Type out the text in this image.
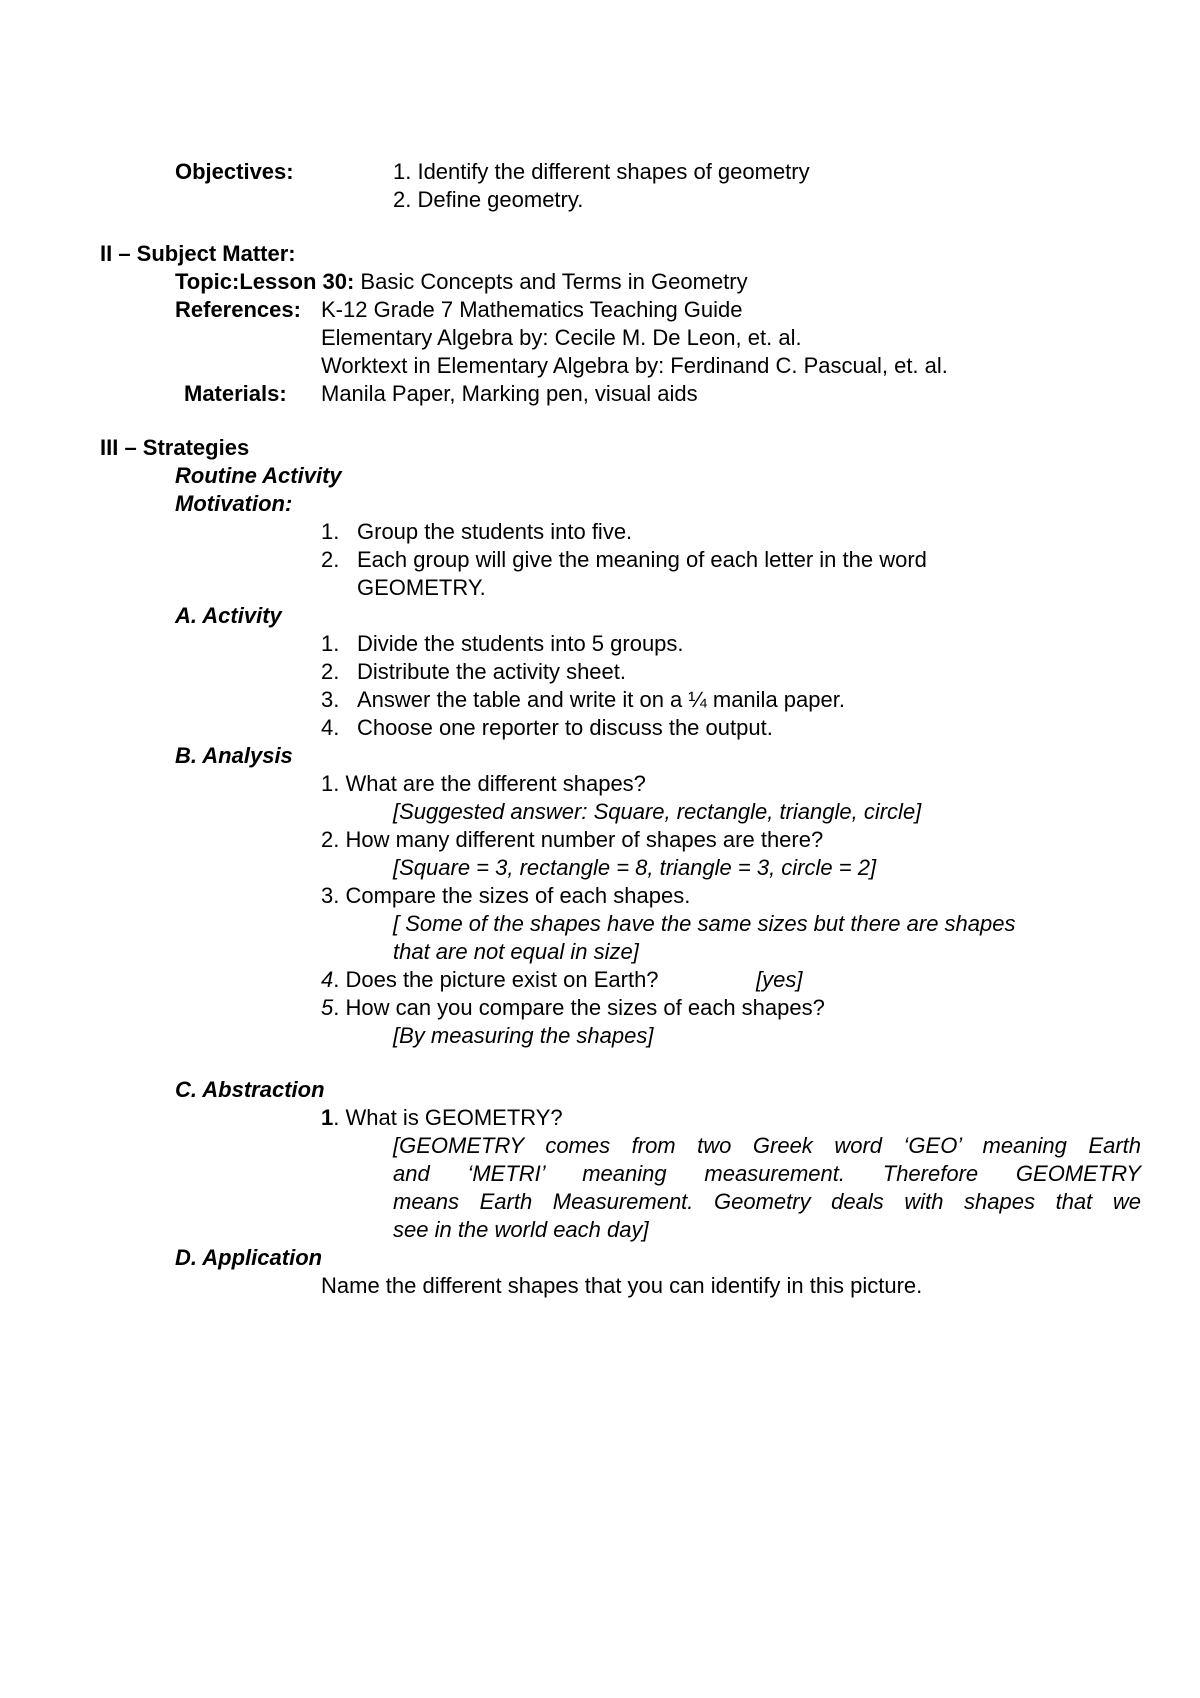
Objectives:	1. Identify the different shapes of geometry
2. Define geometry.
II – Subject Matter:
Topic:Lesson 30: Basic Concepts and Terms in Geometry
References: K-12 Grade 7 Mathematics Teaching Guide
Elementary Algebra by: Cecile M. De Leon, et. al.
Worktext in Elementary Algebra by: Ferdinand C. Pascual, et. al.
Materials: Manila Paper, Marking pen, visual aids
III – Strategies
Routine Activity
Motivation:
1. Group the students into five.
2. Each group will give the meaning of each letter in the word
GEOMETRY.
A. Activity
1. Divide the students into 5 groups.
2. Distribute the activity sheet.
3. Answer the table and write it on a ¼ manila paper.
4. Choose one reporter to discuss the output.
B. Analysis
1. What are the different shapes?
[Suggested answer: Square, rectangle, triangle, circle]
2. How many different number of shapes are there?
[Square = 3, rectangle = 8, triangle = 3, circle = 2]
3. Compare the sizes of each shapes.
[ Some of the shapes have the same sizes but there are shapes
that are not equal in size]
4. Does the picture exist on Earth?	[yes]
5. How can you compare the sizes of each shapes?
[By measuring the shapes]
C. Abstraction
1. What is GEOMETRY?
[GEOMETRY comes from two Greek word ‘GEO’ meaning Earth
and ‘METRI’ meaning measurement. Therefore GEOMETRY
means Earth Measurement. Geometry deals with shapes that we
see in the world each day]
D. Application
Name the different shapes that you can identify in this picture.
